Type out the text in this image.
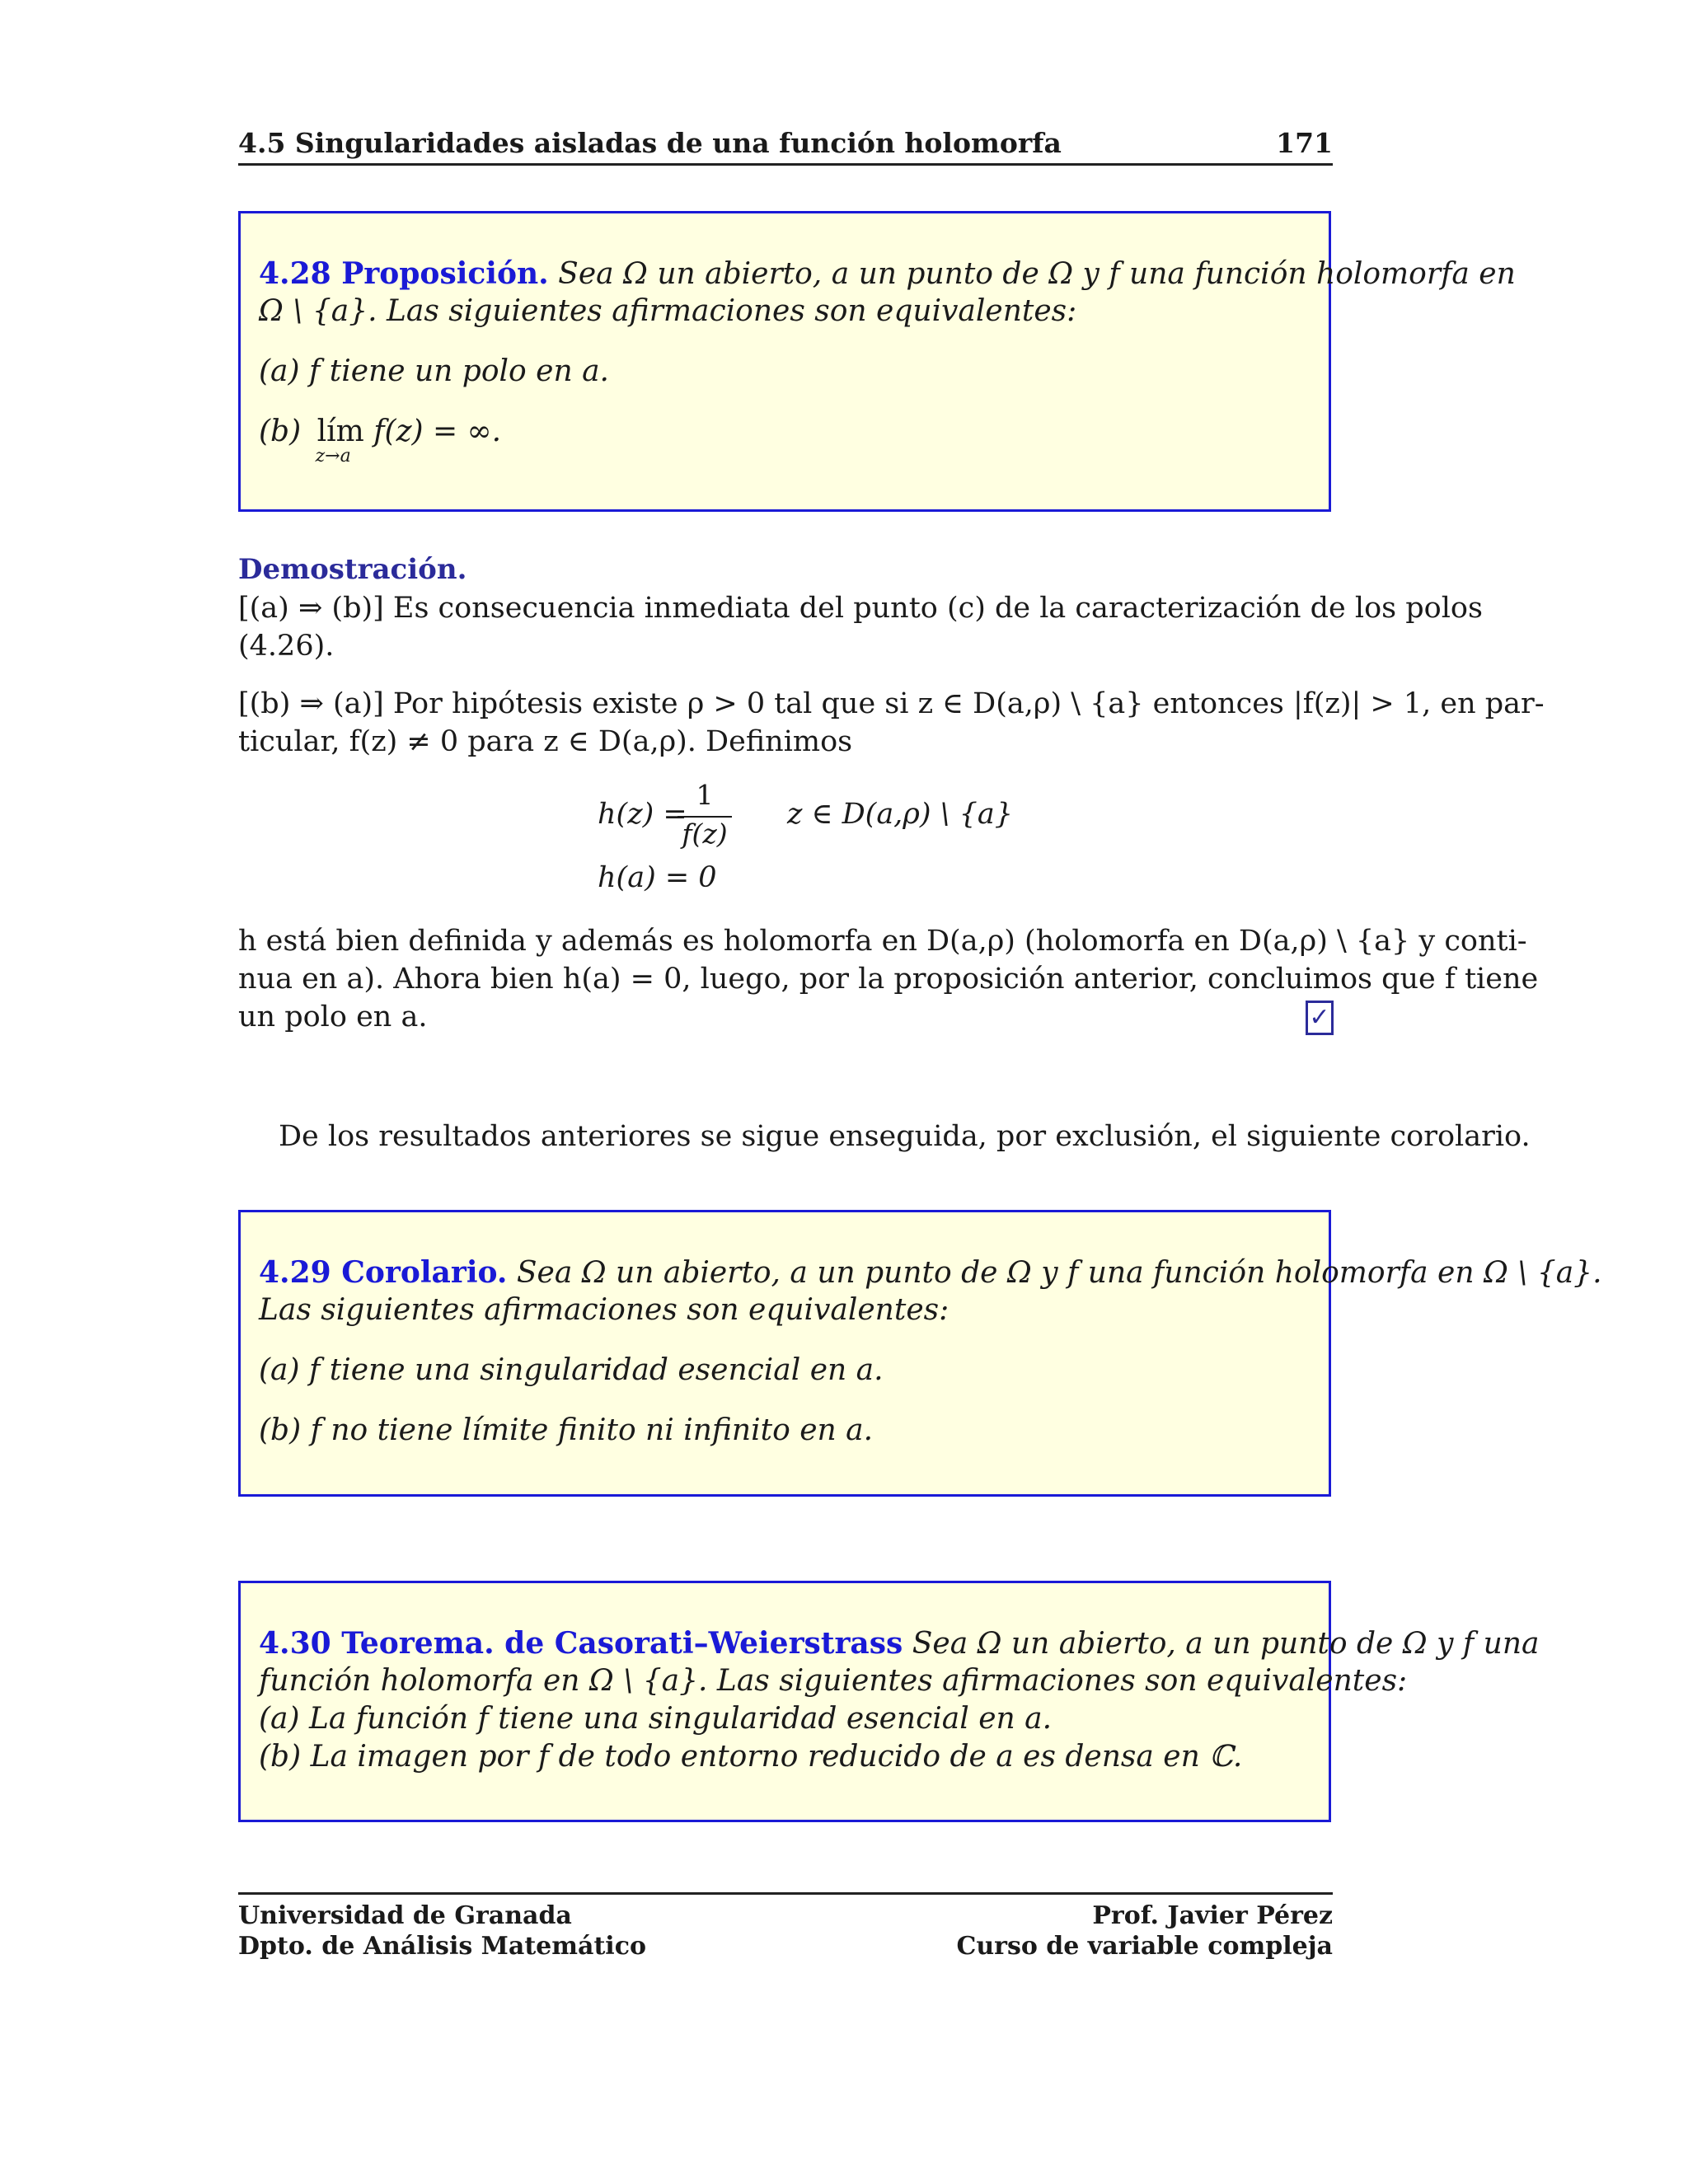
4.5 Singularidades aisladas de una función holomorfa	171
4.28 Proposición. Sea Ω un abierto, a un punto de Ω y f una función holomorfa en
Ω \ {a}. Las siguientes afirmaciones son equivalentes:
(a) f tiene un polo en a.
(b) lím
z→a
f(z) = ∞.
Demostración.
[(a) ⇒ (b)] Es consecuencia inmediata del punto (c) de la caracterización de los polos
(4.26).
[(b) ⇒ (a)] Por hipótesis existe ρ > 0 tal que si z ∈ D(a,ρ) \ {a} entonces |f(z)| > 1, en par-
ticular, f(z) ≠ 0 para z ∈ D(a,ρ). Definimos
h(z) =
1
f(z)
z ∈ D(a,ρ) \ {a}
h(a) = 0
h está bien definida y además es holomorfa en D(a,ρ) (holomorfa en D(a,ρ) \ {a} y conti-
nua en a). Ahora bien h(a) = 0, luego, por la proposición anterior, concluimos que f tiene
un polo en a.	✓
De los resultados anteriores se sigue enseguida, por exclusión, el siguiente corolario.
4.29 Corolario. Sea Ω un abierto, a un punto de Ω y f una función holomorfa en Ω \ {a}.
Las siguientes afirmaciones son equivalentes:
(a) f tiene una singularidad esencial en a.
(b) f no tiene límite finito ni infinito en a.
4.30 Teorema. de Casorati–Weierstrass Sea Ω un abierto, a un punto de Ω y f una
función holomorfa en Ω \ {a}. Las siguientes afirmaciones son equivalentes:
(a) La función f tiene una singularidad esencial en a.
(b) La imagen por f de todo entorno reducido de a es densa en ℂ.
Universidad de Granada
Dpto. de Análisis Matemático
Prof. Javier Pérez
Curso de variable compleja
